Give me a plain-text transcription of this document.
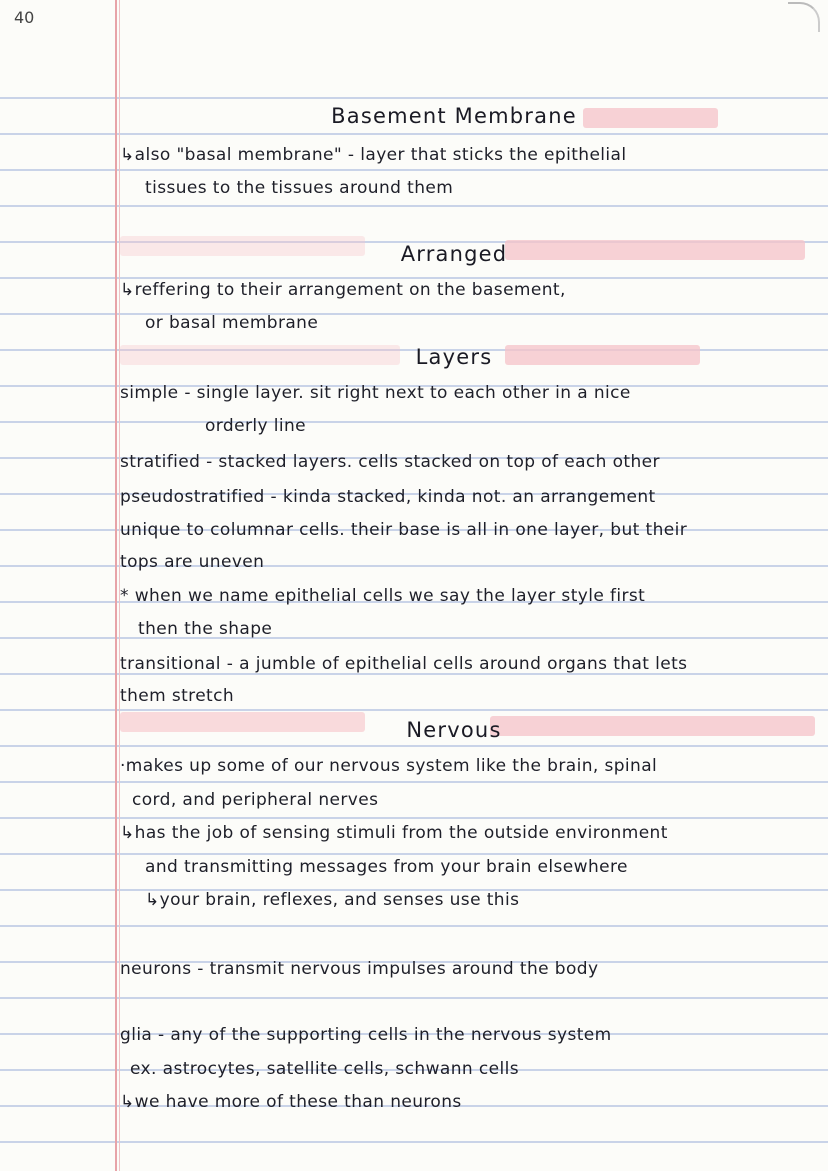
40
Basement Membrane
↳also "basal membrane" - layer that sticks the epithelial
tissues to the tissues around them
Arranged
↳reffering to their arrangement on the basement,
or basal membrane
Layers
simple - single layer. sit right next to each other in a nice
orderly line
stratified - stacked layers. cells stacked on top of each other
pseudostratified - kinda stacked, kinda not. an arrangement
unique to columnar cells. their base is all in one layer, but their
tops are uneven
* when we name epithelial cells we say the layer style first
then the shape
transitional - a jumble of epithelial cells around organs that lets
them stretch
Nervous
·makes up some of our nervous system like the brain, spinal
cord, and peripheral nerves
↳has the job of sensing stimuli from the outside environment
and transmitting messages from your brain elsewhere
↳your brain, reflexes, and senses use this
neurons - transmit nervous impulses around the body
glia - any of the supporting cells in the nervous system
ex. astrocytes, satellite cells, schwann cells
↳we have more of these than neurons
